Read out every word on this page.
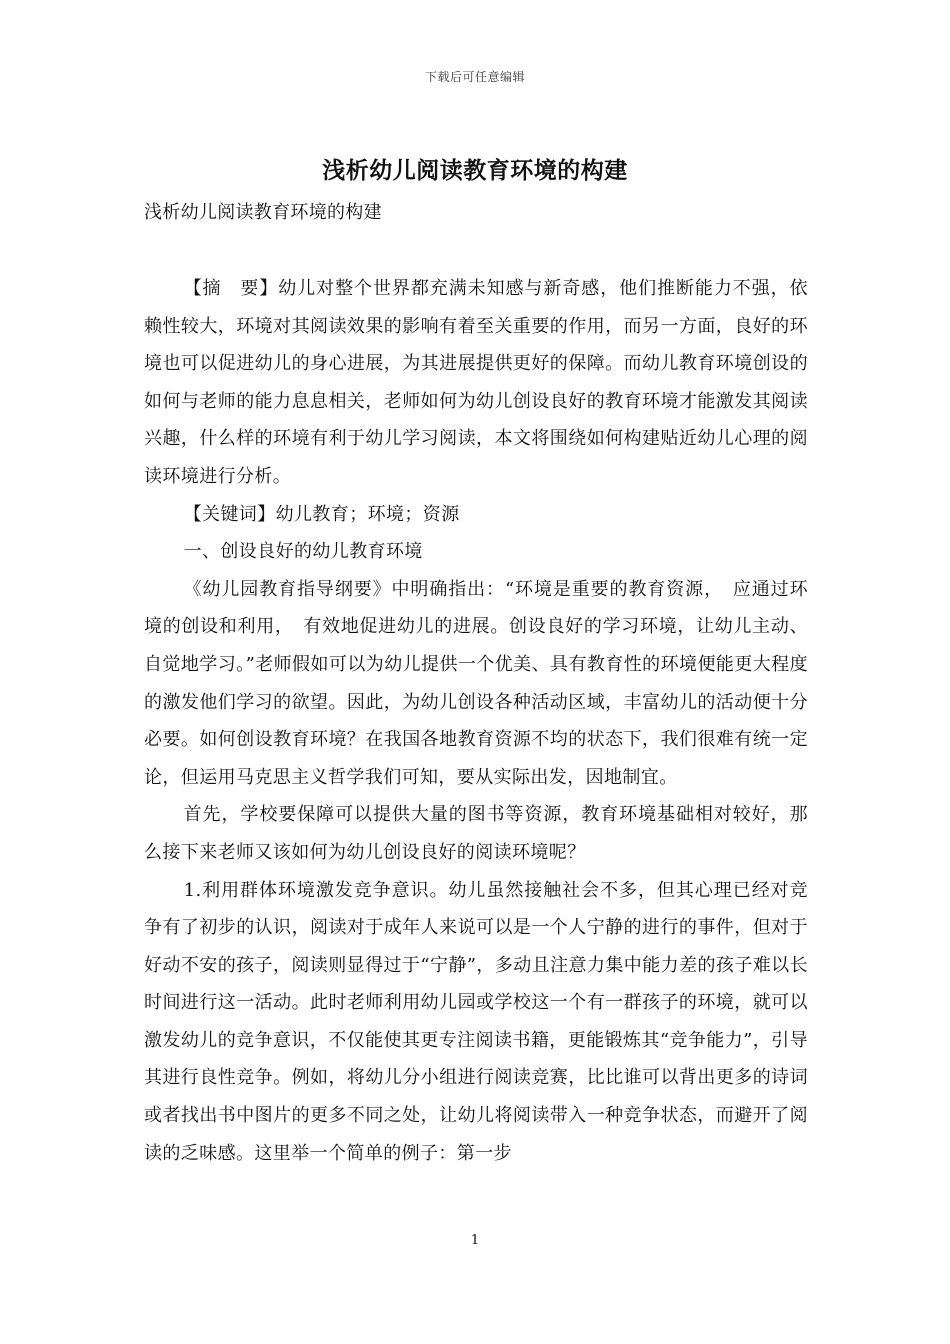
下载后可任意编辑
浅析幼儿阅读教育环境的构建
浅析幼儿阅读教育环境的构建

【摘　要】幼儿对整个世界都充满未知感与新奇感，他们推断能力不强，依赖性较大，环境对其阅读效果的影响有着至关重要的作用，而另一方面，良好的环境也可以促进幼儿的身心进展，为其进展提供更好的保障。而幼儿教育环境创设的如何与老师的能力息息相关，老师如何为幼儿创设良好的教育环境才能激发其阅读兴趣，什么样的环境有利于幼儿学习阅读，本文将围绕如何构建贴近幼儿心理的阅读环境进行分析。

【关键词】幼儿教育；环境；资源

一、创设良好的幼儿教育环境

《幼儿园教育指导纲要》中明确指出：“环境是重要的教育资源，　应通过环境的创设和利用，　有效地促进幼儿的进展。创设良好的学习环境，让幼儿主动、自觉地学习。”老师假如可以为幼儿提供一个优美、具有教育性的环境便能更大程度的激发他们学习的欲望。因此，为幼儿创设各种活动区域，丰富幼儿的活动便十分必要。如何创设教育环境？在我国各地教育资源不均的状态下，我们很难有统一定论，但运用马克思主义哲学我们可知，要从实际出发，因地制宜。

首先，学校要保障可以提供大量的图书等资源，教育环境基础相对较好，那么接下来老师又该如何为幼儿创设良好的阅读环境呢？

1.利用群体环境激发竞争意识。幼儿虽然接触社会不多，但其心理已经对竞争有了初步的认识，阅读对于成年人来说可以是一个人宁静的进行的事件，但对于好动不安的孩子，阅读则显得过于“宁静”，多动且注意力集中能力差的孩子难以长时间进行这一活动。此时老师利用幼儿园或学校这一个有一群孩子的环境，就可以激发幼儿的竞争意识，不仅能使其更专注阅读书籍，更能锻炼其“竞争能力”，引导其进行良性竞争。例如，将幼儿分小组进行阅读竞赛，比比谁可以背出更多的诗词或者找出书中图片的更多不同之处，让幼儿将阅读带入一种竞争状态，而避开了阅读的乏味感。这里举一个简单的例子：第一步

1
